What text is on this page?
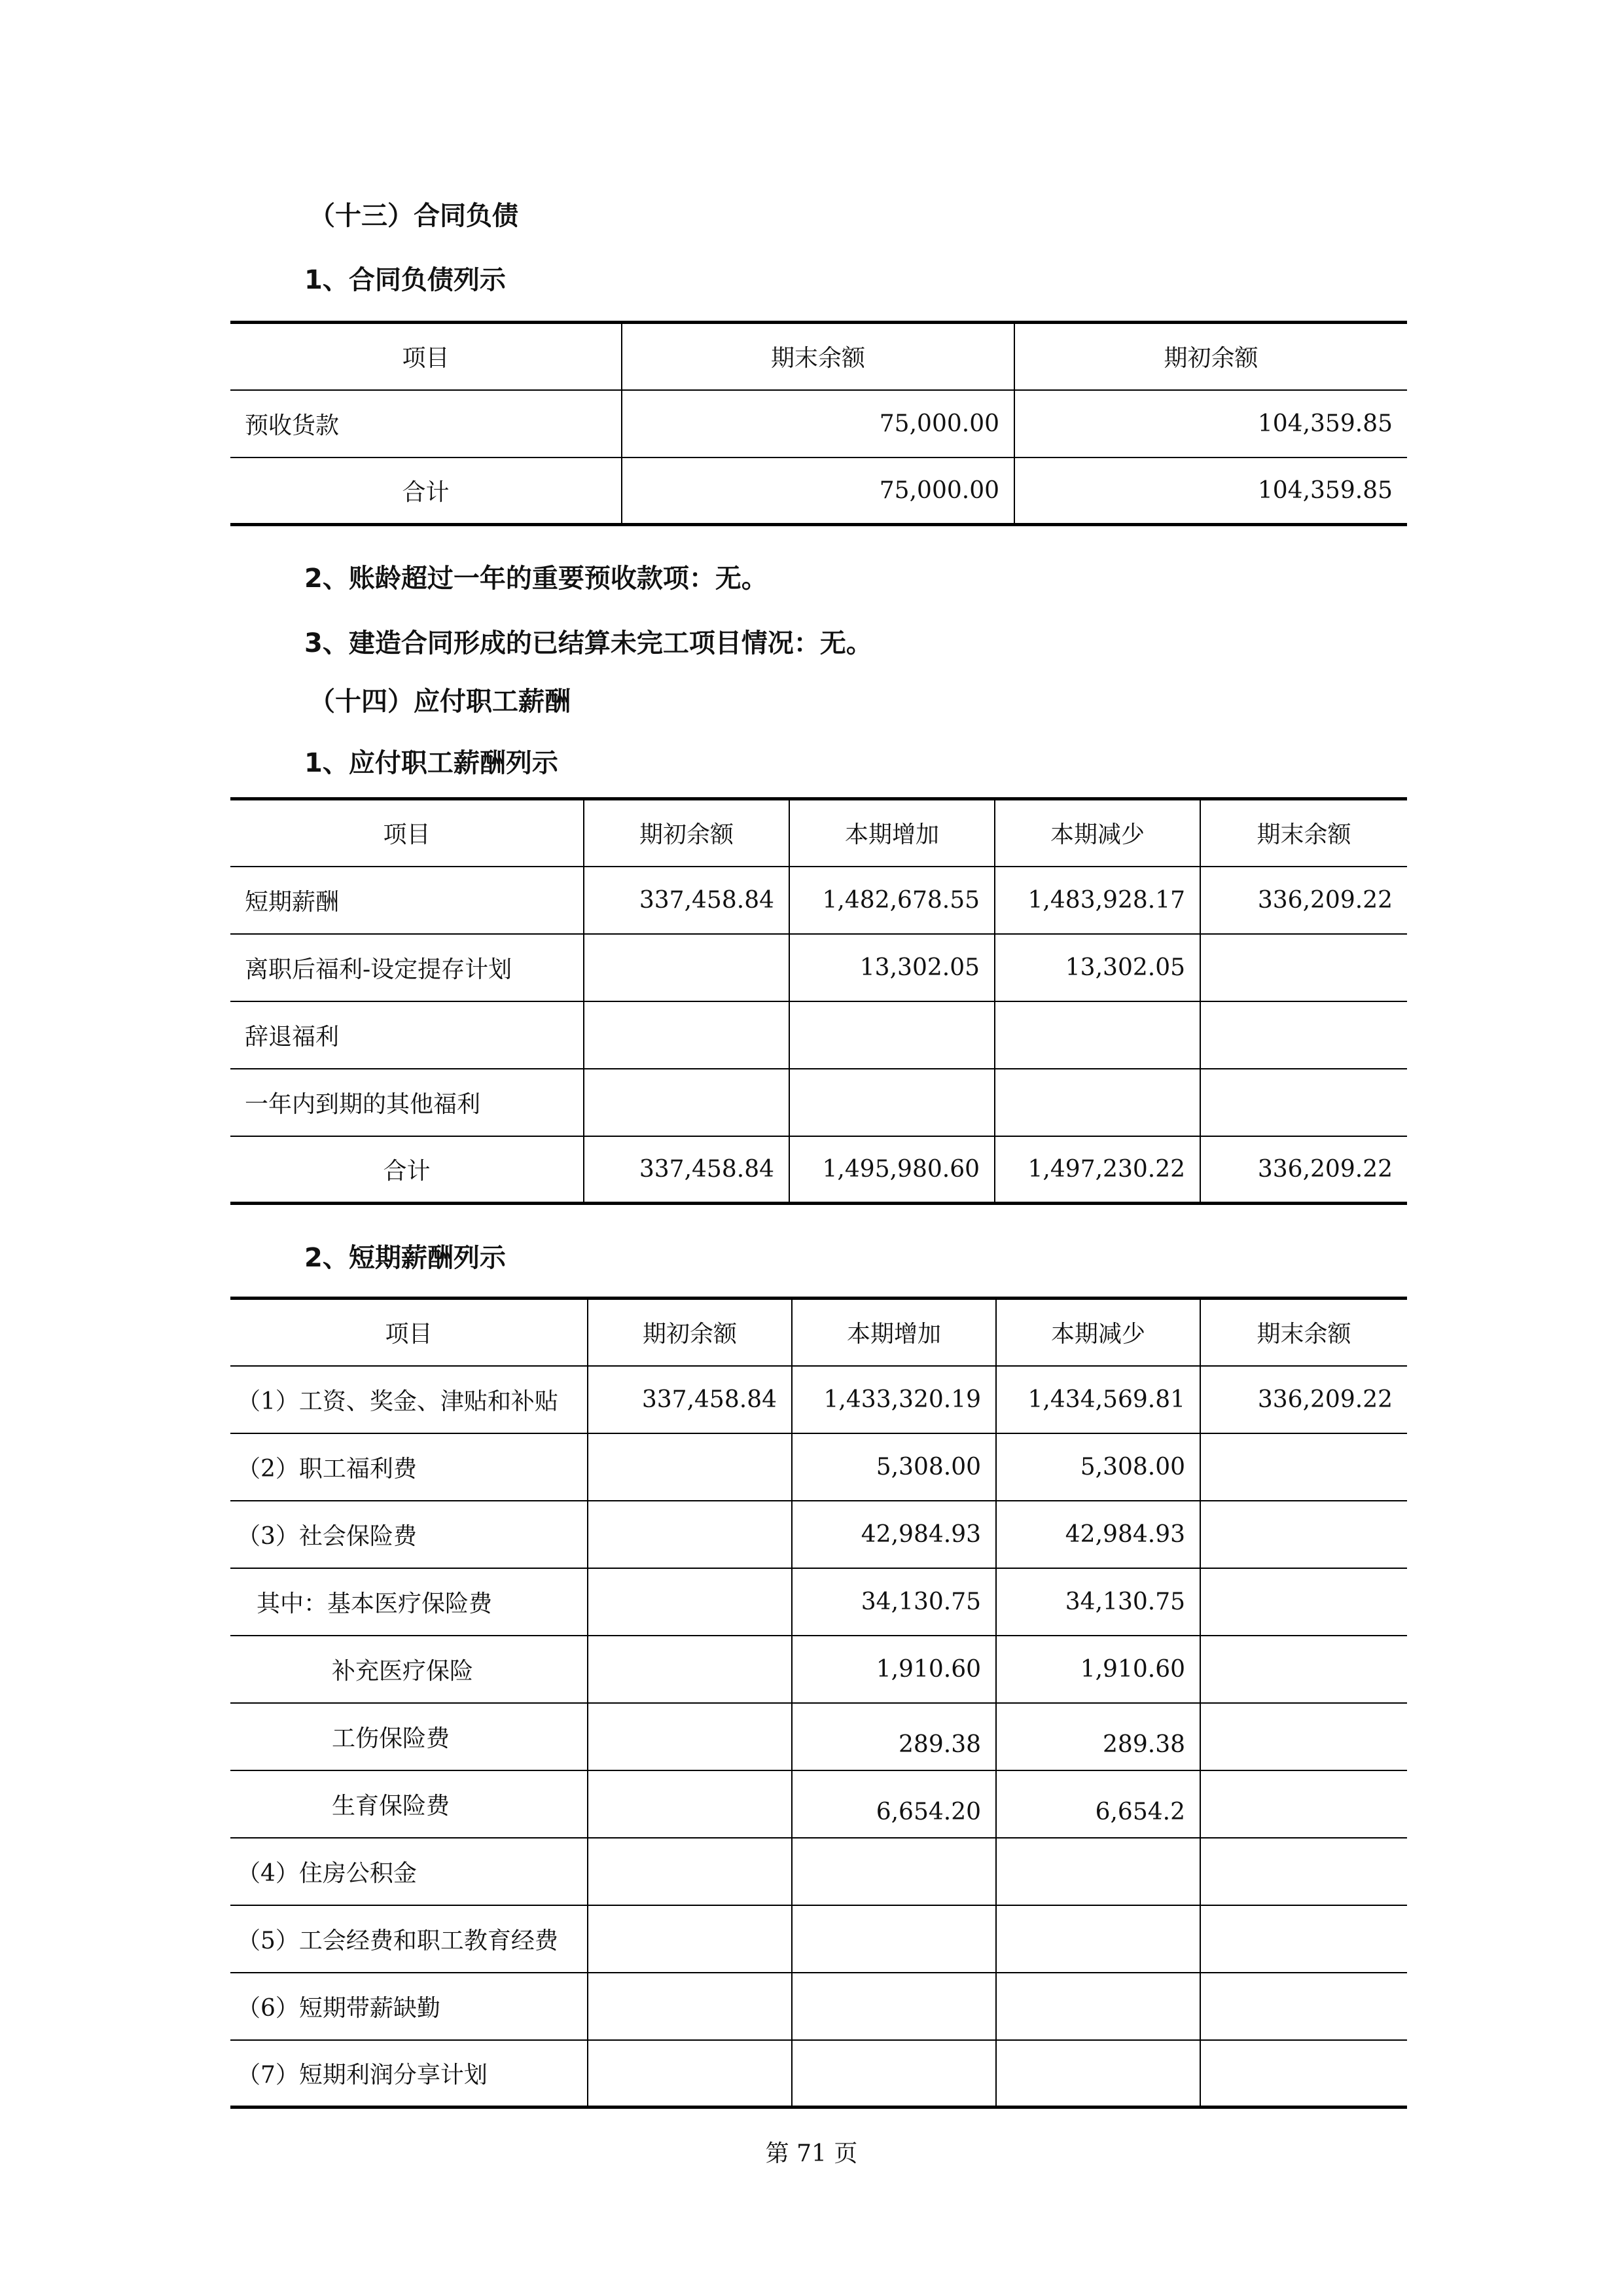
（十三）合同负债
1、合同负债列示
项目	期末余额	期初余额
预收货款	75,000.00	104,359.85
合计	75,000.00	104,359.85
2、账龄超过一年的重要预收款项：无。
3、建造合同形成的已结算未完工项目情况：无。
（十四）应付职工薪酬
1、应付职工薪酬列示
项目	期初余额	本期增加	本期减少	期末余额
短期薪酬	337,458.84	1,482,678.55	1,483,928.17	336,209.22
离职后福利-设定提存计划		13,302.05	13,302.05	
辞退福利				
一年内到期的其他福利				
合计	337,458.84	1,495,980.60	1,497,230.22	336,209.22
2、短期薪酬列示
项目	期初余额	本期增加	本期减少	期末余额
（1）工资、奖金、津贴和补贴	337,458.84	1,433,320.19	1,434,569.81	336,209.22
（2）职工福利费		5,308.00	5,308.00	
（3）社会保险费		42,984.93	42,984.93	
其中：基本医疗保险费		34,130.75	34,130.75	
补充医疗保险		1,910.60	1,910.60	
工伤保险费		289.38	289.38	
生育保险费		6,654.20	6,654.2	
（4）住房公积金				
（5）工会经费和职工教育经费				
（6）短期带薪缺勤				
（7）短期利润分享计划				
第 71 页
